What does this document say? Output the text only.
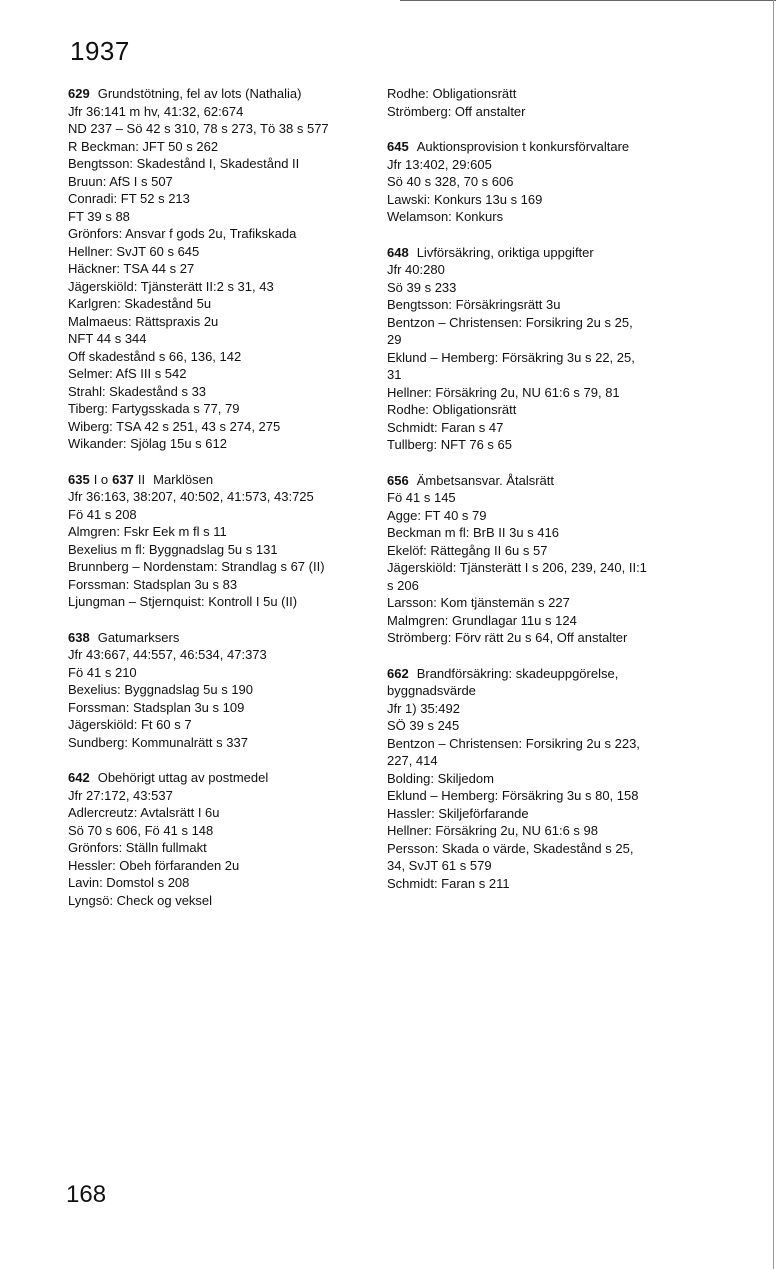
1937
629 Grundstötning, fel av lots (Nathalia)
Jfr 36:141 m hv, 41:32, 62:674
ND 237 – Sö 42 s 310, 78 s 273, Tö 38 s 577
R Beckman: JFT 50 s 262
Bengtsson: Skadestånd I, Skadestånd II
Bruun: AfS I s 507
Conradi: FT 52 s 213
FT 39 s 88
Grönfors: Ansvar f gods 2u, Trafikskada
Hellner: SvJT 60 s 645
Häckner: TSA 44 s 27
Jägerskiöld: Tjänsterätt II:2 s 31, 43
Karlgren: Skadestånd 5u
Malmaeus: Rättspraxis 2u
NFT 44 s 344
Off skadestånd s 66, 136, 142
Selmer: AfS III s 542
Strahl: Skadestånd s 33
Tiberg: Fartygsskada s 77, 79
Wiberg: TSA 42 s 251, 43 s 274, 275
Wikander: Sjölag 15u s 612
635 I o 637 II Marklösen
Jfr 36:163, 38:207, 40:502, 41:573, 43:725
Fö 41 s 208
Almgren: Fskr Eek m fl s 11
Bexelius m fl: Byggnadslag 5u s 131
Brunnberg – Nordenstam: Strandlag s 67 (II)
Forssman: Stadsplan 3u s 83
Ljungman – Stjernquist: Kontroll I 5u (II)
638 Gatumarksers
Jfr 43:667, 44:557, 46:534, 47:373
Fö 41 s 210
Bexelius: Byggnadslag 5u s 190
Forssman: Stadsplan 3u s 109
Jägerskiöld: Ft 60 s 7
Sundberg: Kommunalrätt s 337
642 Obehörigt uttag av postmedel
Jfr 27:172, 43:537
Adlercreutz: Avtalsrätt I 6u
Sö 70 s 606, Fö 41 s 148
Grönfors: Ställn fullmakt
Hessler: Obeh förfaranden 2u
Lavin: Domstol s 208
Lyngsö: Check og veksel
Rodhe: Obligationsrätt
Strömberg: Off anstalter
645 Auktionsprovision t konkursförvaltare
Jfr 13:402, 29:605
Sö 40 s 328, 70 s 606
Lawski: Konkurs 13u s 169
Welamson: Konkurs
648 Livförsäkring, oriktiga uppgifter
Jfr 40:280
Sö 39 s 233
Bengtsson: Försäkringsrätt 3u
Bentzon – Christensen: Forsikring 2u s 25,
29
Eklund – Hemberg: Försäkring 3u s 22, 25,
31
Hellner: Försäkring 2u, NU 61:6 s 79, 81
Rodhe: Obligationsrätt
Schmidt: Faran s 47
Tullberg: NFT 76 s 65
656 Ämbetsansvar. Åtalsrätt
Fö 41 s 145
Agge: FT 40 s 79
Beckman m fl: BrB II 3u s 416
Ekelöf: Rättegång II 6u s 57
Jägerskiöld: Tjänsterätt I s 206, 239, 240, II:1
s 206
Larsson: Kom tjänstemän s 227
Malmgren: Grundlagar 11u s 124
Strömberg: Förv rätt 2u s 64, Off anstalter
662 Brandförsäkring: skadeuppgörelse,
byggnadsvärde
Jfr 1) 35:492
SÖ 39 s 245
Bentzon – Christensen: Forsikring 2u s 223,
227, 414
Bolding: Skiljedom
Eklund – Hemberg: Försäkring 3u s 80, 158
Hassler: Skiljeförfarande
Hellner: Försäkring 2u, NU 61:6 s 98
Persson: Skada o värde, Skadestånd s 25,
34, SvJT 61 s 579
Schmidt: Faran s 211
168
